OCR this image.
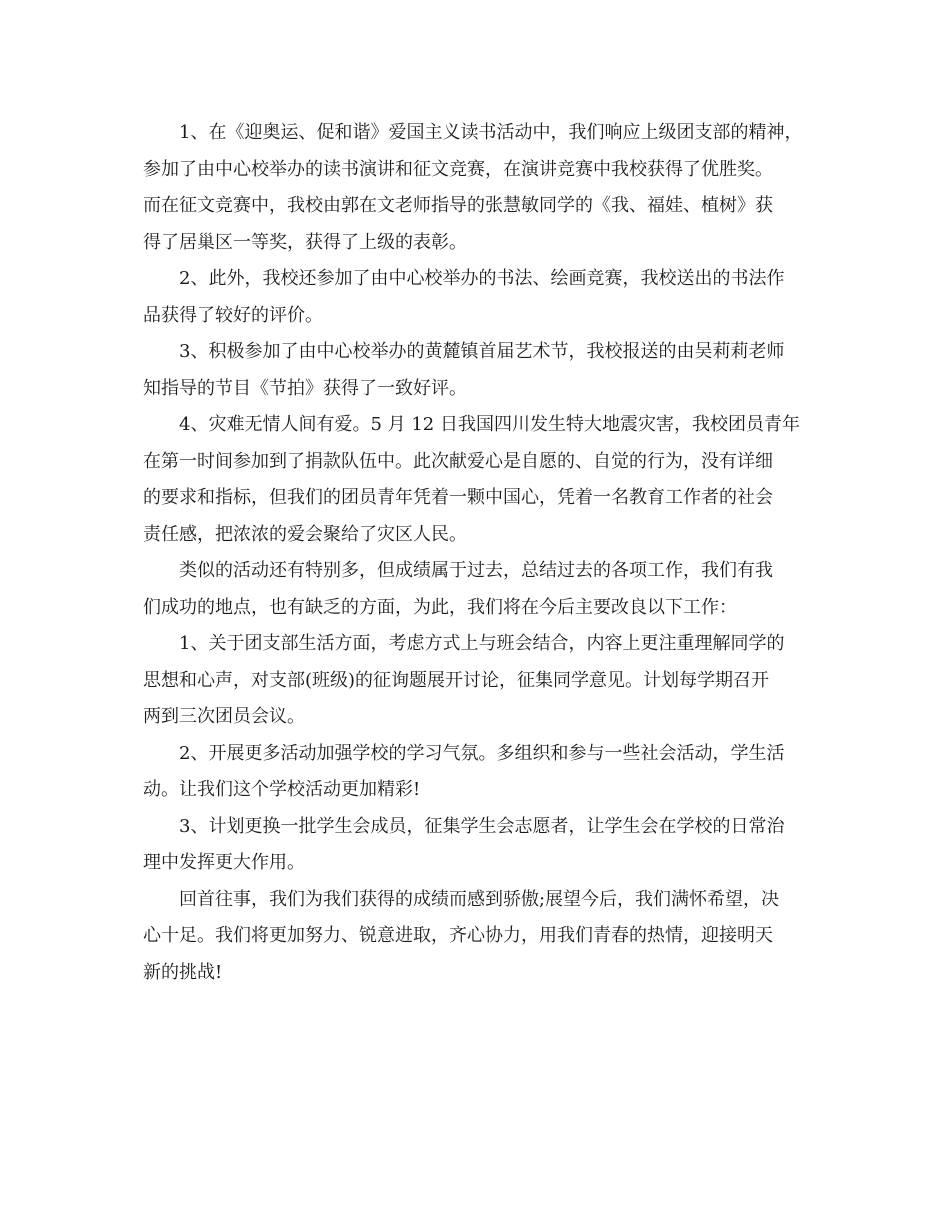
1、在《迎奥运、促和谐》爱国主义读书活动中，我们响应上级团支部的精神，
参加了由中心校举办的读书演讲和征文竞赛，在演讲竞赛中我校获得了优胜奖。
而在征文竞赛中，我校由郭在文老师指导的张慧敏同学的《我、福娃、植树》获
得了居巢区一等奖，获得了上级的表彰。
2、此外，我校还参加了由中心校举办的书法、绘画竞赛，我校送出的书法作
品获得了较好的评价。
3、积极参加了由中心校举办的黄麓镇首届艺术节，我校报送的由吴莉莉老师
知指导的节目《节拍》获得了一致好评。
4、灾难无情人间有爱。5 月 12 日我国四川发生特大地震灾害，我校团员青年
在第一时间参加到了捐款队伍中。此次献爱心是自愿的、自觉的行为，没有详细
的要求和指标，但我们的团员青年凭着一颗中国心，凭着一名教育工作者的社会
责任感，把浓浓的爱会聚给了灾区人民。
类似的活动还有特别多，但成绩属于过去，总结过去的各项工作，我们有我
们成功的地点，也有缺乏的方面，为此，我们将在今后主要改良以下工作：
1、关于团支部生活方面，考虑方式上与班会结合，内容上更注重理解同学的
思想和心声，对支部(班级)的征询题展开讨论，征集同学意见。计划每学期召开
两到三次团员会议。
2、开展更多活动加强学校的学习气氛。多组织和参与一些社会活动，学生活
动。让我们这个学校活动更加精彩!
3、计划更换一批学生会成员，征集学生会志愿者，让学生会在学校的日常治
理中发挥更大作用。
回首往事，我们为我们获得的成绩而感到骄傲;展望今后，我们满怀希望，决
心十足。我们将更加努力、锐意进取，齐心协力，用我们青春的热情，迎接明天
新的挑战!
